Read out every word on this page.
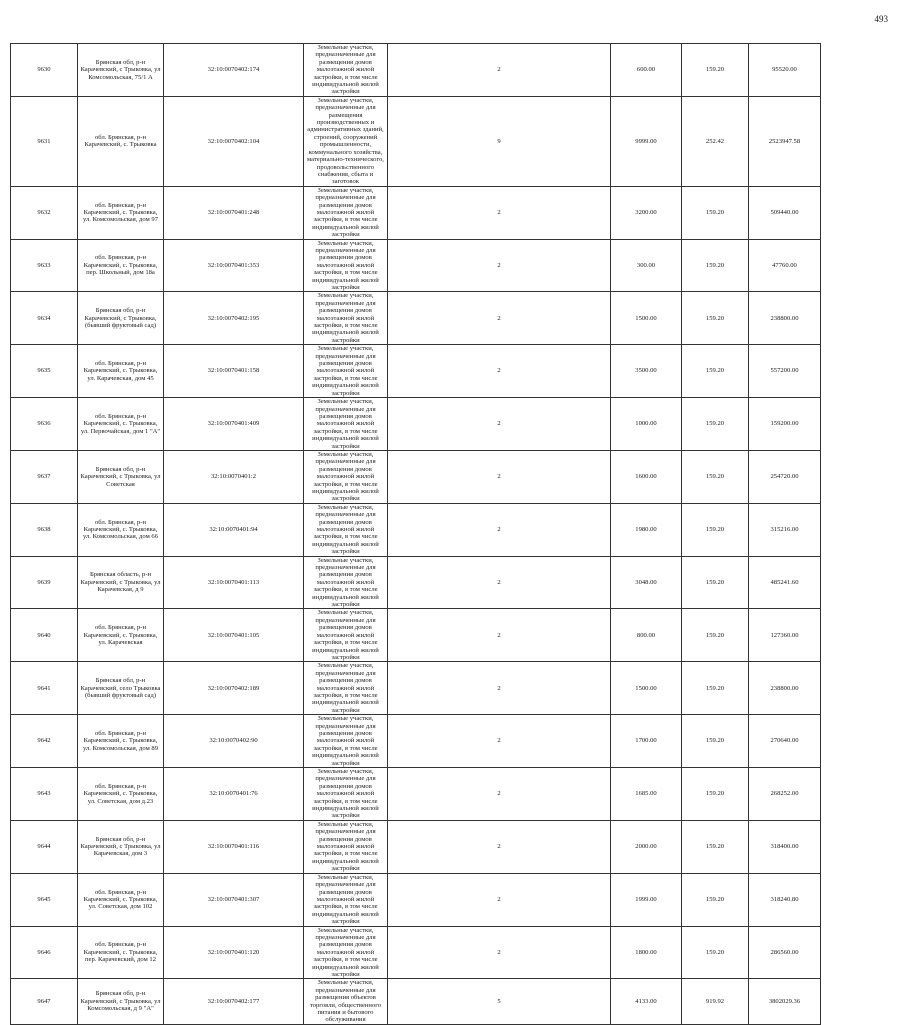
493
9630	Брянская обл, р-н Карачевский, с Трыковка, ул Комсомольская, 75/1 А	32:10:0070402:174	Земельные участки, предназначенные для размещения домов малоэтажной жилой застройки, в том числе индивидуальной жилой застройки	2	600.00	159.20	95520.00
9631	обл. Брянская, р-н Карачевский, с. Трыковка	32:10:0070402:104	Земельные участки, предназначенные для размещения производственных и административных зданий, строений, сооружений промышленности, коммунального хозяйства, материально-технического, продовольственного снабжения, сбыта и заготовок	9	9999.00	252.42	2523947.58
9632	обл. Брянская, р-н Карачевский, с. Трыковка, ул. Комсомольская, дом 97	32:10:0070401:248	Земельные участки, предназначенные для размещения домов малоэтажной жилой застройки, в том числе индивидуальной жилой застройки	2	3200.00	159.20	509440.00
9633	обл. Брянская, р-н Карачевский, с. Трыковка, пер. Школьный, дом 18а	32:10:0070401:353	Земельные участки, предназначенные для размещения домов малоэтажной жилой застройки, в том числе индивидуальной жилой застройки	2	300.00	159.20	47760.00
9634	Брянская обл, р-н Карачевский, с Трыковка, (бывший фруктовый сад)	32:10:0070402:195	Земельные участки, предназначенные для размещения домов малоэтажной жилой застройки, в том числе индивидуальной жилой застройки	2	1500.00	159.20	238800.00
9635	обл. Брянская, р-н Карачевский, с. Трыковка, ул. Карачевская, дом 45	32:10:0070401:158	Земельные участки, предназначенные для размещения домов малоэтажной жилой застройки, в том числе индивидуальной жилой застройки	2	3500.00	159.20	557200.00
9636	обл. Брянская, р-н Карачевский, с. Трыковка, ул. Первочайская, дом 1 "А"	32:10:0070401:409	Земельные участки, предназначенные для размещения домов малоэтажной жилой застройки, в том числе индивидуальной жилой застройки	2	1000.00	159.20	159200.00
9637	Брянская обл, р-н Карачевский, с Трыковка, ул Советская	32:10:0070401:2	Земельные участки, предназначенные для размещения домов малоэтажной жилой застройки, в том числе индивидуальной жилой застройки	2	1600.00	159.20	254720.00
9638	обл. Брянская, р-н Карачевский, с. Трыковка, ул. Комсомольская, дом 66	32:10:0070401:94	Земельные участки, предназначенные для размещения домов малоэтажной жилой застройки, в том числе индивидуальной жилой застройки	2	1980.00	159.20	315216.00
9639	Брянская область, р-н Карачевский, с Трыковка, ул Карачевская, д 9	32:10:0070401:113	Земельные участки, предназначенные для размещения домов малоэтажной жилой застройки, в том числе индивидуальной жилой застройки	2	3048.00	159.20	485241.60
9640	обл. Брянская, р-н Карачевский, с. Трыковка, ул. Карачевская	32:10:0070401:105	Земельные участки, предназначенные для размещения домов малоэтажной жилой застройки, в том числе индивидуальной жилой застройки	2	800.00	159.20	127360.00
9641	Брянская обл, р-н Карачевский, село Трыковка (бывший фруктовый сад)	32:10:0070402:189	Земельные участки, предназначенные для размещения домов малоэтажной жилой застройки, в том числе индивидуальной жилой застройки	2	1500.00	159.20	238800.00
9642	обл. Брянская, р-н Карачевский, с. Трыковка, ул. Комсомольская, дом 89	32:10:0070402:90	Земельные участки, предназначенные для размещения домов малоэтажной жилой застройки, в том числе индивидуальной жилой застройки	2	1700.00	159.20	270640.00
9643	обл. Брянская, р-н Карачевский, с. Трыковка, ул. Советская, дом д.23	32:10:0070401:76	Земельные участки, предназначенные для размещения домов малоэтажной жилой застройки, в том числе индивидуальной жилой застройки	2	1685.00	159.20	268252.00
9644	Брянская обл, р-н Карачевский, с Трыковка, ул Карачевская, дом 3	32:10:0070401:116	Земельные участки, предназначенные для размещения домов малоэтажной жилой застройки, в том числе индивидуальной жилой застройки	2	2000.00	159.20	318400.00
9645	обл. Брянская, р-н Карачевский, с. Трыковка, ул. Советская, дом 102	32:10:0070401:307	Земельные участки, предназначенные для размещения домов малоэтажной жилой застройки, в том числе индивидуальной жилой застройки	2	1999.00	159.20	318240.80
9646	обл. Брянская, р-н Карачевский, с. Трыковка, пер. Карачевский, дом 12	32:10:0070401:120	Земельные участки, предназначенные для размещения домов малоэтажной жилой застройки, в том числе индивидуальной жилой застройки	2	1800.00	159.20	286560.00
9647	Брянская обл, р-н Карачевский, с Трыковка, ул Комсомольская, д 9 "А"	32:10:0070402:177	Земельные участки, предназначенные для размещения объектов торговли, общественного питания и бытового обслуживания	5	4133.00	919.92	3802029.36
